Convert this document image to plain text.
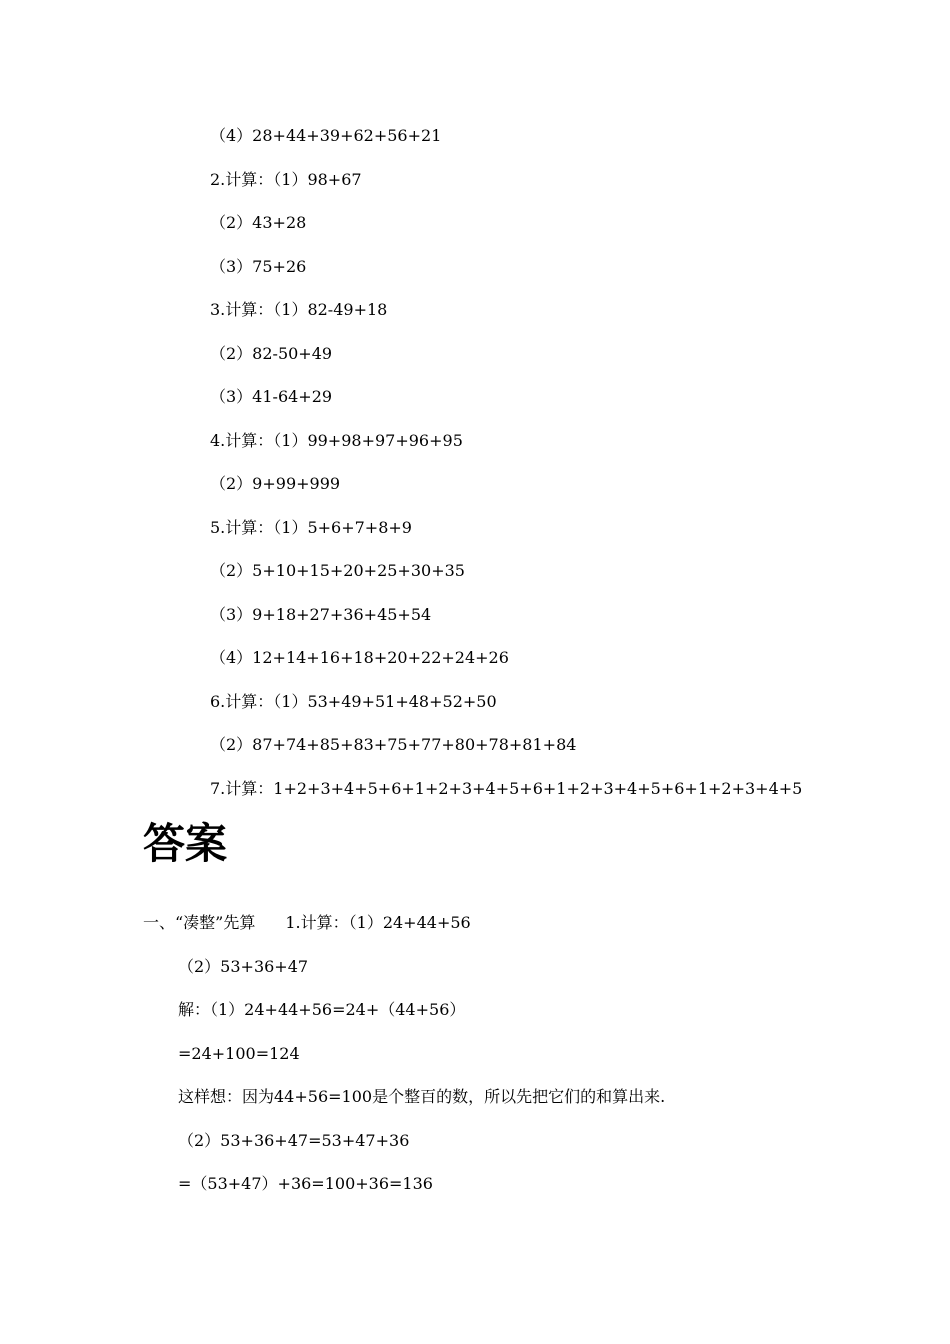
（4）28+44+39+62+56+21
2.计算：（1）98+67
（2）43+28
（3）75+26
3.计算：（1）82-49+18
（2）82-50+49
（3）41-64+29
4.计算：（1）99+98+97+96+95
（2）9+99+999
5.计算：（1）5+6+7+8+9
（2）5+10+15+20+25+30+35
（3）9+18+27+36+45+54
（4）12+14+16+18+20+22+24+26
6.计算：（1）53+49+51+48+52+50
（2）87+74+85+83+75+77+80+78+81+84
7.计算：1+2+3+4+5+6+1+2+3+4+5+6+1+2+3+4+5+6+1+2+3+4+5
答案
一、“凑整”先算 1.计算：（1）24+44+56
（2）53+36+47
解：（1）24+44+56=24+（44+56）
=24+100=124
这样想：因为44+56=100是个整百的数，所以先把它们的和算出来.
（2）53+36+47=53+47+36
=（53+47）+36=100+36=136
